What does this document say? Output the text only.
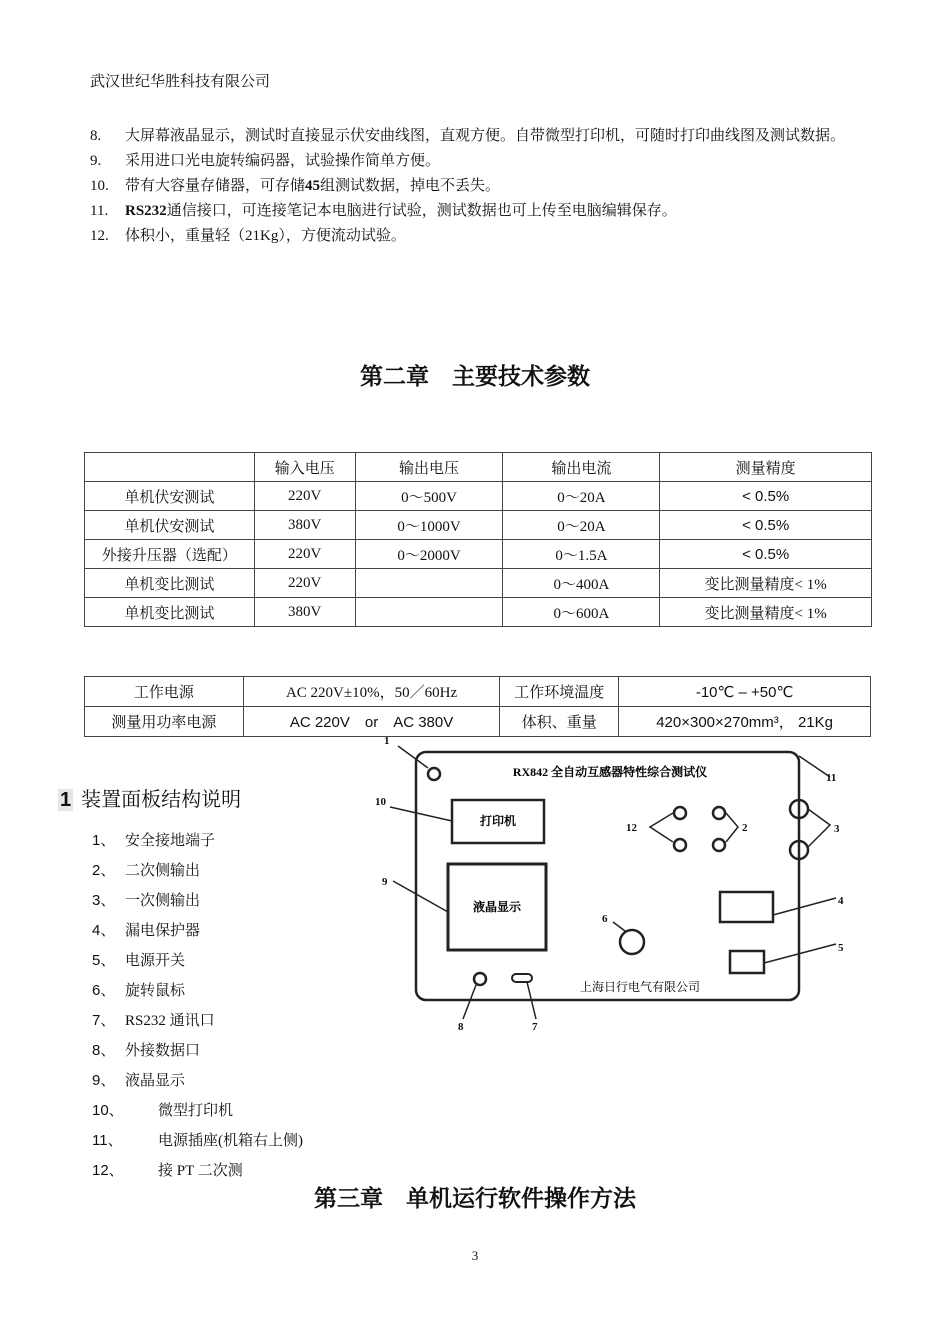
武汉世纪华胜科技有限公司
8. 大屏幕液晶显示，测试时直接显示伏安曲线图，直观方便。自带微型打印机，可随时打印曲线图及测试数据。
9. 采用进口光电旋转编码器，试验操作简单方便。
10. 带有大容量存储器，可存储45组测试数据，掉电不丢失。
11. RS232通信接口，可连接笔记本电脑进行试验，测试数据也可上传至电脑编辑保存。
12. 体积小，重量轻（21Kg），方便流动试验。
第二章　主要技术参数
	输入电压	输出电压	输出电流	测量精度
单机伏安测试	220V	0～500V	0～20A	< 0.5%
单机伏安测试	380V	0～1000V	0～20A	< 0.5%
外接升压器（选配）	220V	0～2000V	0～1.5A	< 0.5%
单机变比测试	220V		0～400A	变比测量精度< 1%
单机变比测试	380V		0～600A	变比测量精度< 1%
工作电源	AC 220V±10%，50／60Hz	工作环境温度	-10℃ – +50℃
测量用功率电源	AC 220V　or　AC 380V	体积、重量	420×300×270mm³， 21Kg
1 装置面板结构说明
1、 安全接地端子
2、 二次侧输出
3、 一次侧输出
4、 漏电保护器
5、 电源开关
6、 旋转鼠标
7、 RS232 通讯口
8、 外接数据口
9、 液晶显示
10、 微型打印机
11、 电源插座(机箱右上侧)
12、 接 PT 二次测
RX842 全自动互感器特性综合测试仪
打印机
液晶显示
上海日行电气有限公司
1
2	3
4
5
6
7
8
9
10
11
12
第三章　单机运行软件操作方法
3
